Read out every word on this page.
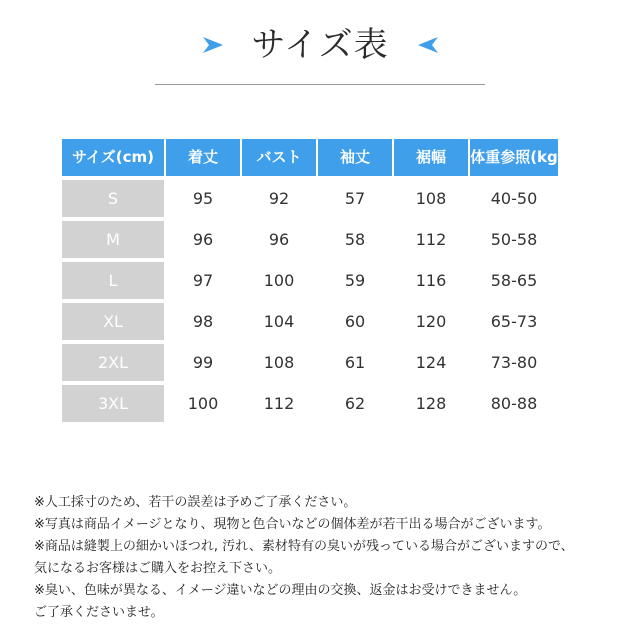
サイズ表
サイズ(cm)	着丈	バスト	袖丈	裾幅	体重参照(kg
S	95	92	57	108	40-50
M	96	96	58	112	50-58
L	97	100	59	116	58-65
XL	98	104	60	120	65-73
2XL	99	108	61	124	73-80
3XL	100	112	62	128	80-88
※人工採寸のため、若干の誤差は予めご了承ください。
※写真は商品イメージとなり、現物と色合いなどの個体差が若干出る場合がございます。
※商品は縫製上の細かいほつれ, 汚れ、素材特有の臭いが残っている場合がございますので、
気になるお客様はご購入をお控え下さい。
※臭い、色味が異なる、イメージ違いなどの理由の交換、返金はお受けできません。
ご了承くださいませ。
